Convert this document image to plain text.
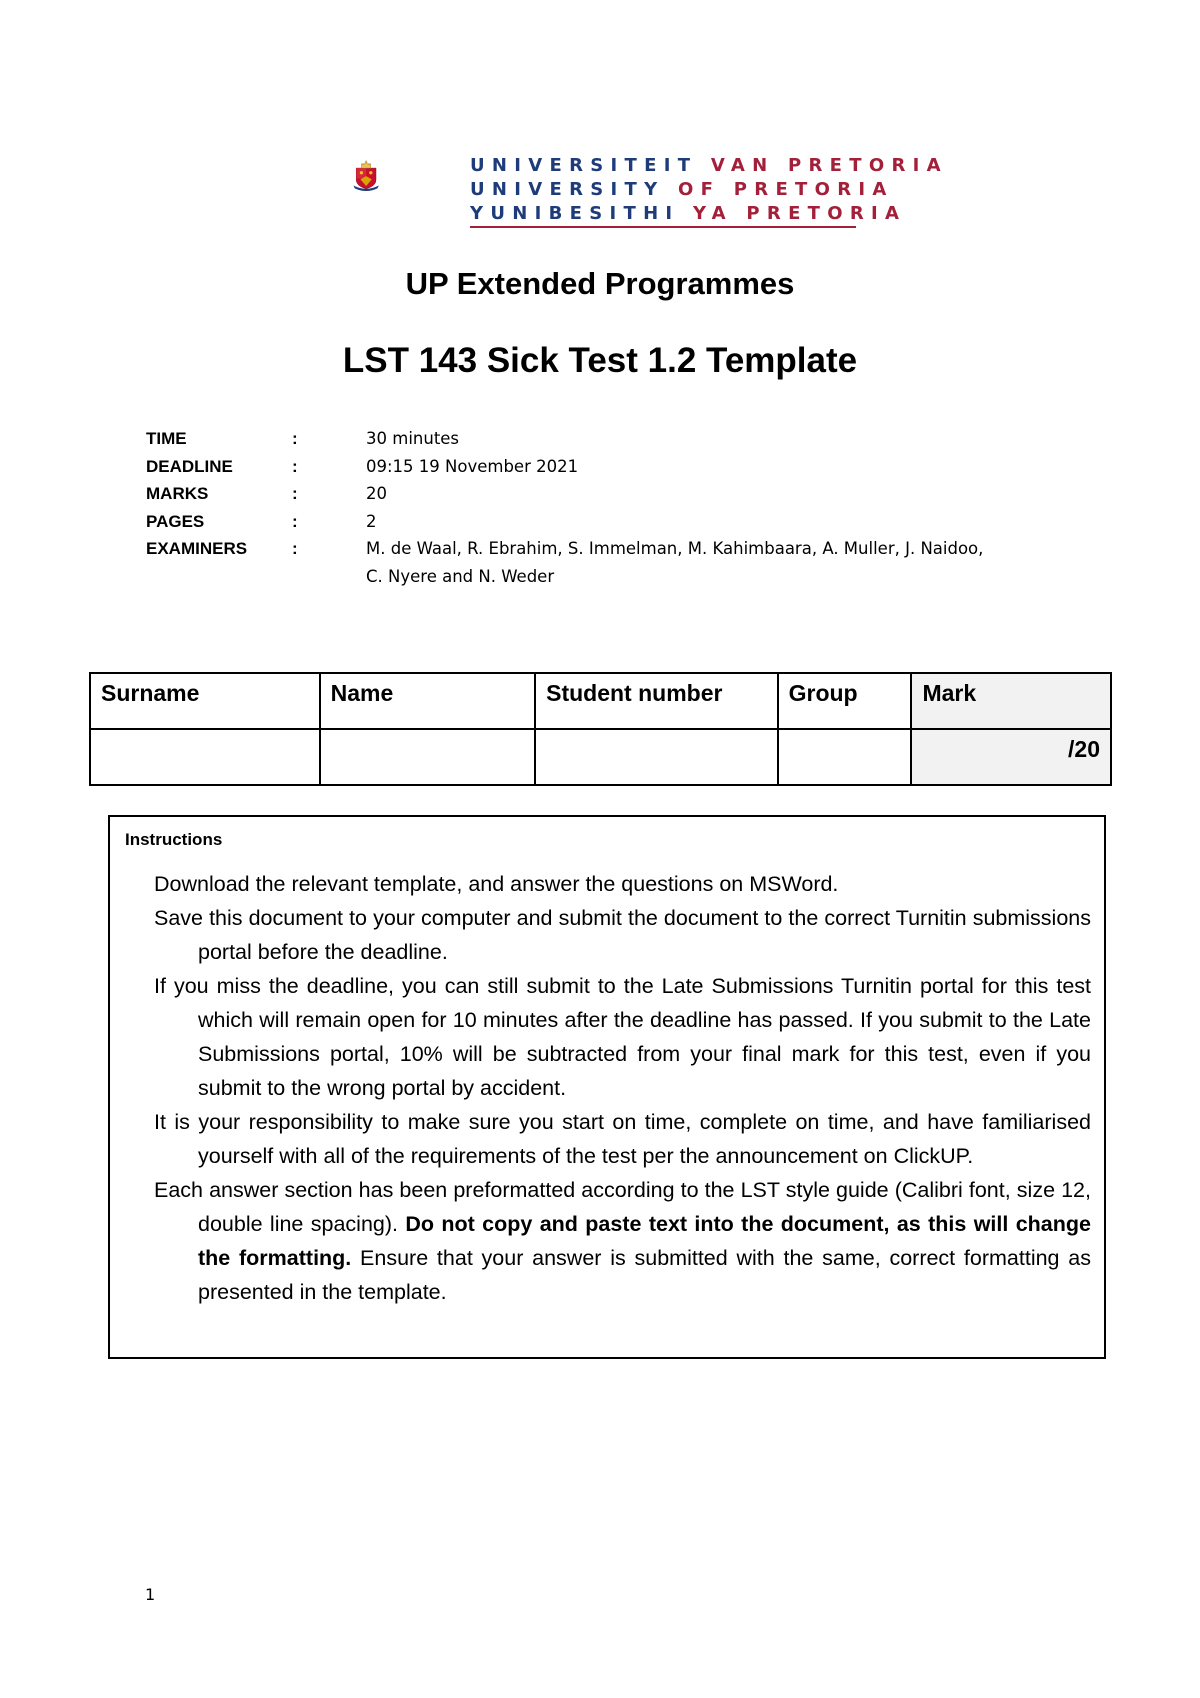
UNIVERSITEIT VAN PRETORIA
UNIVERSITY OF PRETORIA
YUNIBESITHI YA PRETORIA
UP Extended Programmes
LST 143 Sick Test 1.2 Template
TIME	:	30 minutes
DEADLINE	:	09:15 19 November 2021
MARKS	:	20
PAGES	:	2
EXAMINERS	:	M. de Waal, R. Ebrahim, S. Immelman, M. Kahimbaara, A. Muller, J. Naidoo,
C. Nyere and N. Weder
Surname	Name	Student number	Group	Mark
				/20
Instructions
Download the relevant template, and answer the questions on MSWord.
Save this document to your computer and submit the document to the correct Turnitin submissions portal before the deadline.
If you miss the deadline, you can still submit to the Late Submissions Turnitin portal for this test which will remain open for 10 minutes after the deadline has passed. If you submit to the Late Submissions portal, 10% will be subtracted from your final mark for this test, even if you submit to the wrong portal by accident.
It is your responsibility to make sure you start on time, complete on time, and have familiarised yourself with all of the requirements of the test per the announcement on ClickUP.
Each answer section has been preformatted according to the LST style guide (Calibri font, size 12, double line spacing). Do not copy and paste text into the document, as this will change the formatting. Ensure that your answer is submitted with the same, correct formatting as presented in the template.
1
